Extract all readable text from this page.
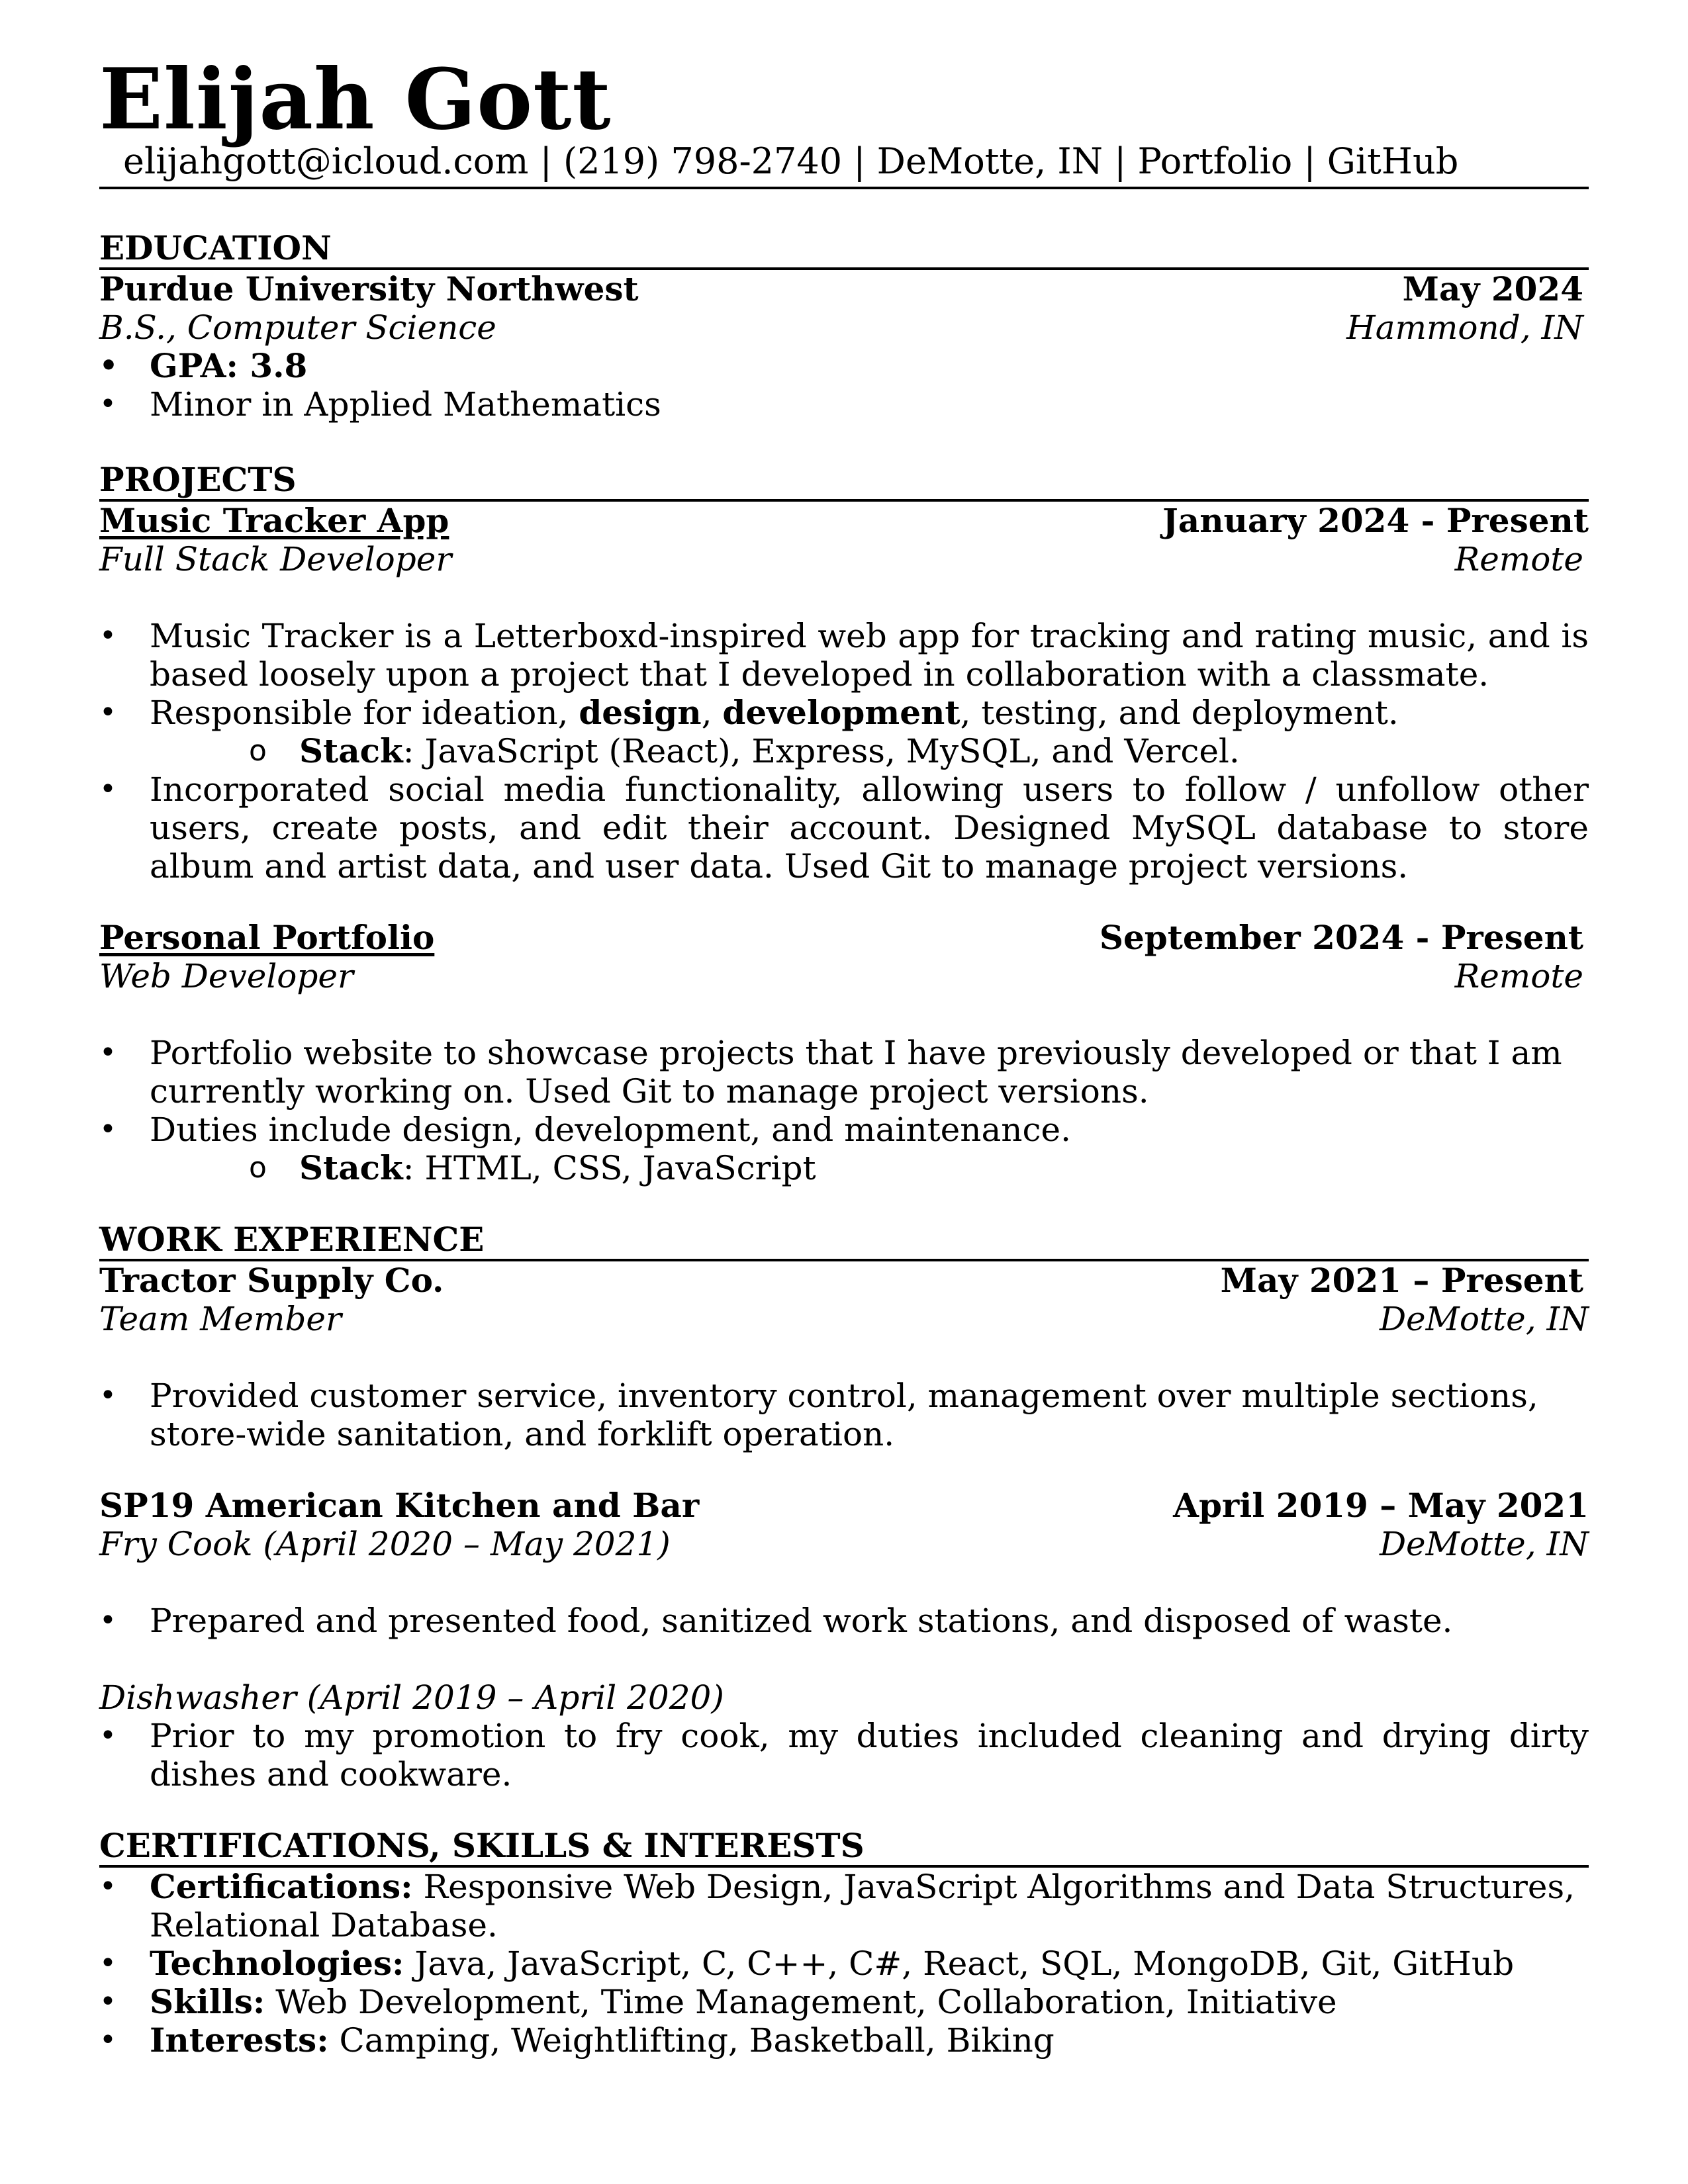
Elijah Gott
elijahgott@icloud.com | (219) 798-2740 | DeMotte, IN | Portfolio | GitHub
EDUCATION
Purdue University Northwest	May 2024
B.S., Computer Science	Hammond, IN
• GPA: 3.8
• Minor in Applied Mathematics
PROJECTS
Music Tracker App	January 2024 - Present
Full Stack Developer	Remote
• Music Tracker is a Letterboxd-inspired web app for tracking and rating music, and is based loosely upon a project that I developed in collaboration with a classmate.
• Responsible for ideation, design, development, testing, and deployment.
o Stack: JavaScript (React), Express, MySQL, and Vercel.
• Incorporated social media functionality, allowing users to follow / unfollow other users, create posts, and edit their account. Designed MySQL database to store album and artist data, and user data. Used Git to manage project versions.
Personal Portfolio	September 2024 - Present
Web Developer	Remote
• Portfolio website to showcase projects that I have previously developed or that I am currently working on. Used Git to manage project versions.
• Duties include design, development, and maintenance.
o Stack: HTML, CSS, JavaScript
WORK EXPERIENCE
Tractor Supply Co.	May 2021 – Present
Team Member	DeMotte, IN
• Provided customer service, inventory control, management over multiple sections, store-wide sanitation, and forklift operation.
SP19 American Kitchen and Bar	April 2019 – May 2021
Fry Cook (April 2020 – May 2021)	DeMotte, IN
• Prepared and presented food, sanitized work stations, and disposed of waste.
Dishwasher (April 2019 – April 2020)
• Prior to my promotion to fry cook, my duties included cleaning and drying dirty dishes and cookware.
CERTIFICATIONS, SKILLS & INTERESTS
• Certifications: Responsive Web Design, JavaScript Algorithms and Data Structures, Relational Database.
• Technologies: Java, JavaScript, C, C++, C#, React, SQL, MongoDB, Git, GitHub
• Skills: Web Development, Time Management, Collaboration, Initiative
• Interests: Camping, Weightlifting, Basketball, Biking
